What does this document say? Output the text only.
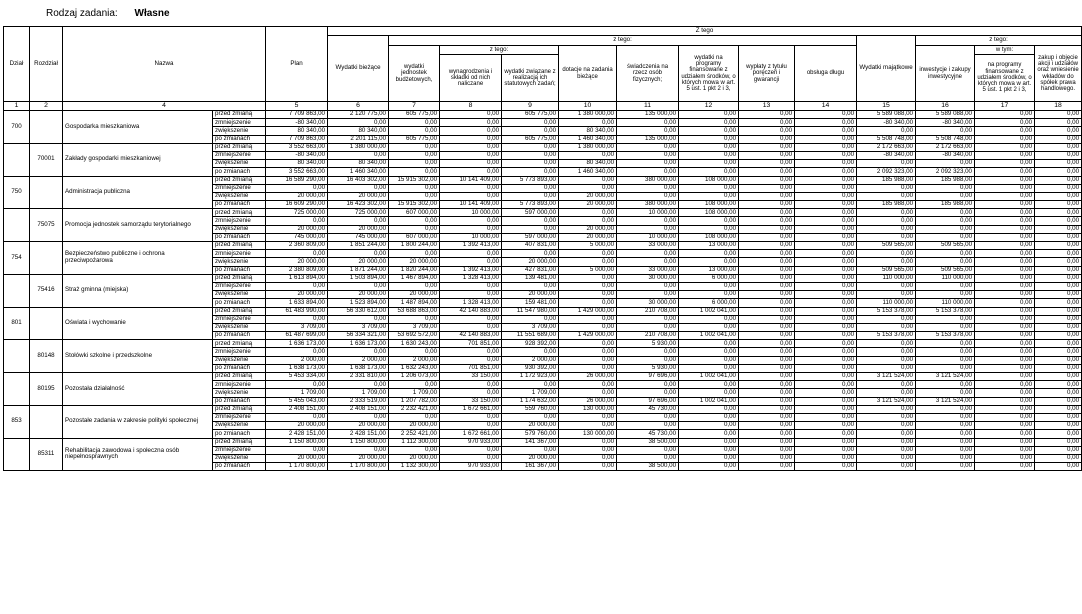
Rodzaj zadania: Własne
Dział	Rozdział	Nazwa		Plan	Z tego												
					Wydatki bieżące	z tego:								Wydatki majątkowe	z tego:		
						wydatki jednostek budżetowych,	z tego:		dotacje na zadania bieżące	świadczenia na rzecz osób fizycznych;	wydatki na programy finansowane z udziałem środków, o których mowa w art. 5 ust. 1 pkt 2 i 3,	wypłaty z tytułu poręczeń i gwarancji	obsługa długu		inwestycje i zakupy inwestycyjne	w tym:	zakup i objęcie akcji i udziałów oraz wniesienie wkładów do spółek prawa handlowego.
							wynagrodzenia i składki od nich naliczane	wydatki związane z realizacją ich statutowych zadań;								na programy finansowane z udziałem środków, o których mowa w art. 5 ust. 1 pkt 2 i 3,	

1	2	4		5	6	7	8	9	10	11	12	13	14	15	16	17	18
700		Gospodarka mieszkaniowa	przed zmianą	7 709 863,00	2 120 775,00	605 775,00	0,00	605 775,00	1 380 000,00	135 000,00	0,00	0,00	0,00	5 589 088,00	5 589 088,00	0,00	0,00
			zmniejszenie	-80 340,00	0,00	0,00	0,00	0,00	0,00	0,00	0,00	0,00	0,00	-80 340,00	-80 340,00	0,00	0,00
			zwiększenie	80 340,00	80 340,00	0,00	0,00	0,00	80 340,00	0,00	0,00	0,00	0,00	0,00	0,00	0,00	0,00
			po zmianach	7 709 863,00	2 201 115,00	605 775,00	0,00	605 775,00	1 460 340,00	135 000,00	0,00	0,00	0,00	5 508 748,00	5 508 748,00	0,00	0,00
	70001	Zakłady gospodarki mieszkaniowej	przed zmianą	3 552 663,00	1 380 000,00	0,00	0,00	0,00	1 380 000,00	0,00	0,00	0,00	0,00	2 172 663,00	2 172 663,00	0,00	0,00
			zmniejszenie	-80 340,00	0,00	0,00	0,00	0,00	0,00	0,00	0,00	0,00	0,00	-80 340,00	-80 340,00	0,00	0,00
			zwiększenie	80 340,00	80 340,00	0,00	0,00	0,00	80 340,00	0,00	0,00	0,00	0,00	0,00	0,00	0,00	0,00
			po zmianach	3 552 663,00	1 460 340,00	0,00	0,00	0,00	1 460 340,00	0,00	0,00	0,00	0,00	2 092 323,00	2 092 323,00	0,00	0,00
750		Administracja publiczna	przed zmianą	16 589 290,00	16 403 302,00	15 915 302,00	10 141 409,00	5 773 893,00	0,00	380 000,00	108 000,00	0,00	0,00	185 988,00	185 988,00	0,00	0,00
			zmniejszenie	0,00	0,00	0,00	0,00	0,00	0,00	0,00	0,00	0,00	0,00	0,00	0,00	0,00	0,00
			zwiększenie	20 000,00	20 000,00	0,00	0,00	0,00	20 000,00	0,00	0,00	0,00	0,00	0,00	0,00	0,00	0,00
			po zmianach	16 609 290,00	16 423 302,00	15 915 302,00	10 141 409,00	5 773 893,00	20 000,00	380 000,00	108 000,00	0,00	0,00	185 988,00	185 988,00	0,00	0,00
	75075	Promocja jednostek samorządu terytorialnego	przed zmianą	725 000,00	725 000,00	607 000,00	10 000,00	597 000,00	0,00	10 000,00	108 000,00	0,00	0,00	0,00	0,00	0,00	0,00
			zmniejszenie	0,00	0,00	0,00	0,00	0,00	0,00	0,00	0,00	0,00	0,00	0,00	0,00	0,00	0,00
			zwiększenie	20 000,00	20 000,00	0,00	0,00	0,00	20 000,00	0,00	0,00	0,00	0,00	0,00	0,00	0,00	0,00
			po zmianach	745 000,00	745 000,00	607 000,00	10 000,00	597 000,00	20 000,00	10 000,00	108 000,00	0,00	0,00	0,00	0,00	0,00	0,00
754		Bezpieczeństwo publiczne i ochrona przeciwpożarowa	przed zmianą	2 360 809,00	1 851 244,00	1 800 244,00	1 392 413,00	407 831,00	5 000,00	33 000,00	13 000,00	0,00	0,00	509 565,00	509 565,00	0,00	0,00
			zmniejszenie	0,00	0,00	0,00	0,00	0,00	0,00	0,00	0,00	0,00	0,00	0,00	0,00	0,00	0,00
			zwiększenie	20 000,00	20 000,00	20 000,00	0,00	20 000,00	0,00	0,00	0,00	0,00	0,00	0,00	0,00	0,00	0,00
			po zmianach	2 380 809,00	1 871 244,00	1 820 244,00	1 392 413,00	427 831,00	5 000,00	33 000,00	13 000,00	0,00	0,00	509 565,00	509 565,00	0,00	0,00
	75416	Straż gminna (miejska)	przed zmianą	1 613 894,00	1 503 894,00	1 467 894,00	1 328 413,00	139 481,00	0,00	30 000,00	6 000,00	0,00	0,00	110 000,00	110 000,00	0,00	0,00
			zmniejszenie	0,00	0,00	0,00	0,00	0,00	0,00	0,00	0,00	0,00	0,00	0,00	0,00	0,00	0,00
			zwiększenie	20 000,00	20 000,00	20 000,00	0,00	20 000,00	0,00	0,00	0,00	0,00	0,00	0,00	0,00	0,00	0,00
			po zmianach	1 633 894,00	1 523 894,00	1 487 894,00	1 328 413,00	159 481,00	0,00	30 000,00	6 000,00	0,00	0,00	110 000,00	110 000,00	0,00	0,00
801		Oświata i wychowanie	przed zmianą	61 483 990,00	56 330 612,00	53 688 863,00	42 140 883,00	11 547 980,00	1 429 000,00	210 708,00	1 002 041,00	0,00	0,00	5 153 378,00	5 153 378,00	0,00	0,00
			zmniejszenie	0,00	0,00	0,00	0,00	0,00	0,00	0,00	0,00	0,00	0,00	0,00	0,00	0,00	0,00
			zwiększenie	3 709,00	3 709,00	3 709,00	0,00	3 709,00	0,00	0,00	0,00	0,00	0,00	0,00	0,00	0,00	0,00
			po zmianach	61 487 699,00	56 334 321,00	53 692 572,00	42 140 883,00	11 551 689,00	1 429 000,00	210 708,00	1 002 041,00	0,00	0,00	5 153 378,00	5 153 378,00	0,00	0,00
	80148	Stołówki szkolne i przedszkolne	przed zmianą	1 636 173,00	1 636 173,00	1 630 243,00	701 851,00	928 392,00	0,00	5 930,00	0,00	0,00	0,00	0,00	0,00	0,00	0,00
			zmniejszenie	0,00	0,00	0,00	0,00	0,00	0,00	0,00	0,00	0,00	0,00	0,00	0,00	0,00	0,00
			zwiększenie	2 000,00	2 000,00	2 000,00	0,00	2 000,00	0,00	0,00	0,00	0,00	0,00	0,00	0,00	0,00	0,00
			po zmianach	1 638 173,00	1 638 173,00	1 632 243,00	701 851,00	930 392,00	0,00	5 930,00	0,00	0,00	0,00	0,00	0,00	0,00	0,00
	80195	Pozostała działalność	przed zmianą	5 453 334,00	2 331 810,00	1 206 073,00	33 150,00	1 172 923,00	26 000,00	97 696,00	1 002 041,00	0,00	0,00	3 121 524,00	3 121 524,00	0,00	0,00
			zmniejszenie	0,00	0,00	0,00	0,00	0,00	0,00	0,00	0,00	0,00	0,00	0,00	0,00	0,00	0,00
			zwiększenie	1 709,00	1 709,00	1 709,00	0,00	1 709,00	0,00	0,00	0,00	0,00	0,00	0,00	0,00	0,00	0,00
			po zmianach	5 455 043,00	2 333 519,00	1 207 782,00	33 150,00	1 174 632,00	26 000,00	97 696,00	1 002 041,00	0,00	0,00	3 121 524,00	3 121 524,00	0,00	0,00
853		Pozostałe zadania w zakresie polityki społecznej	przed zmianą	2 408 151,00	2 408 151,00	2 232 421,00	1 672 661,00	559 760,00	130 000,00	45 730,00	0,00	0,00	0,00	0,00	0,00	0,00	0,00
			zmniejszenie	0,00	0,00	0,00	0,00	0,00	0,00	0,00	0,00	0,00	0,00	0,00	0,00	0,00	0,00
			zwiększenie	20 000,00	20 000,00	20 000,00	0,00	20 000,00	0,00	0,00	0,00	0,00	0,00	0,00	0,00	0,00	0,00
			po zmianach	2 428 151,00	2 428 151,00	2 252 421,00	1 672 661,00	579 760,00	130 000,00	45 730,00	0,00	0,00	0,00	0,00	0,00	0,00	0,00
	85311	Rehabilitacja zawodowa i społeczna osób niepełnosprawnych	przed zmianą	1 150 800,00	1 150 800,00	1 112 300,00	970 933,00	141 367,00	0,00	38 500,00	0,00	0,00	0,00	0,00	0,00	0,00	0,00
			zmniejszenie	0,00	0,00	0,00	0,00	0,00	0,00	0,00	0,00	0,00	0,00	0,00	0,00	0,00	0,00
			zwiększenie	20 000,00	20 000,00	20 000,00	0,00	20 000,00	0,00	0,00	0,00	0,00	0,00	0,00	0,00	0,00	0,00
			po zmianach	1 170 800,00	1 170 800,00	1 132 300,00	970 933,00	161 367,00	0,00	38 500,00	0,00	0,00	0,00	0,00	0,00	0,00	0,00
